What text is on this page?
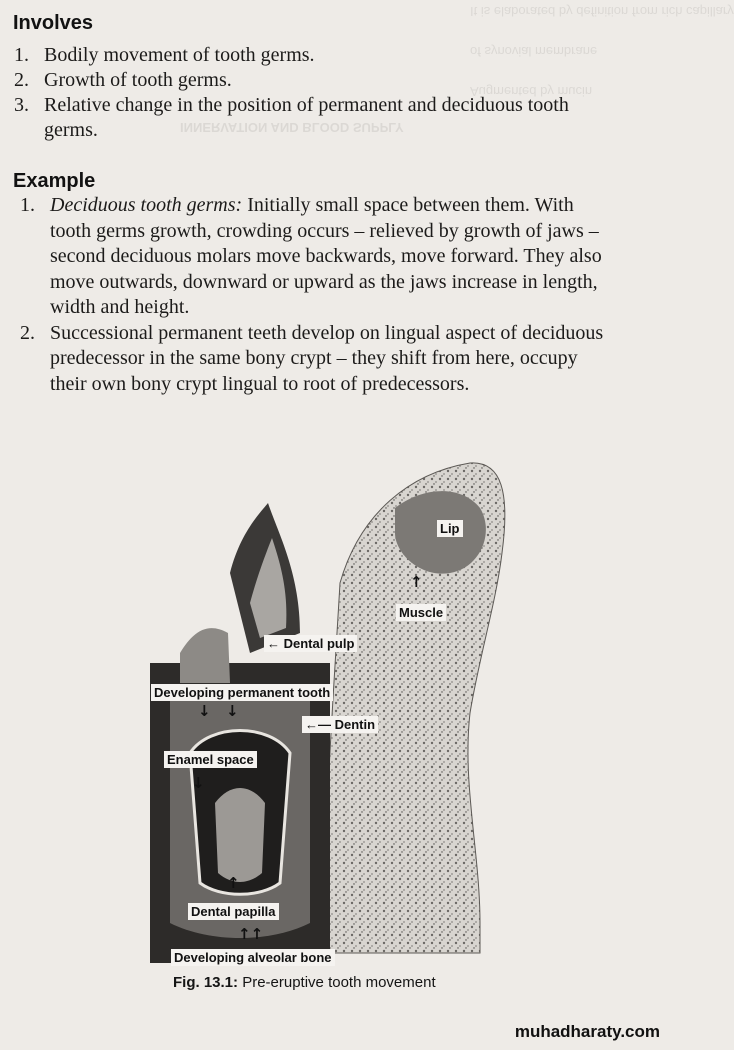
It is elaborated by definition from rich capillary
of synovial membrane
Augmented by mucin
INNERVATION AND BLOOD SUPPLY
Involves
1. Bodily movement of tooth germs.
2. Growth of tooth germs.
3. Relative change in the position of permanent and deciduous tooth germs.
Example
1. Deciduous tooth germs: Initially small space between them. With tooth germs growth, crowding occurs – relieved by growth of jaws – second deciduous molars move backwards, move forward. They also move outwards, downward or upward as the jaws increase in length, width and height.
2. Successional permanent teeth develop on lingual aspect of deciduous predecessor in the same bony crypt – they shift from here, occupy their own bony crypt lingual to root of predecessors.
Lip
↑
Muscle
← Dental pulp
Developing permanent tooth
↓ ↓
←— Dentin
Enamel space
↓
↑
Dental papilla
↑↑
Developing alveolar bone
Fig. 13.1: Pre-eruptive tooth movement
muhadharaty.com
